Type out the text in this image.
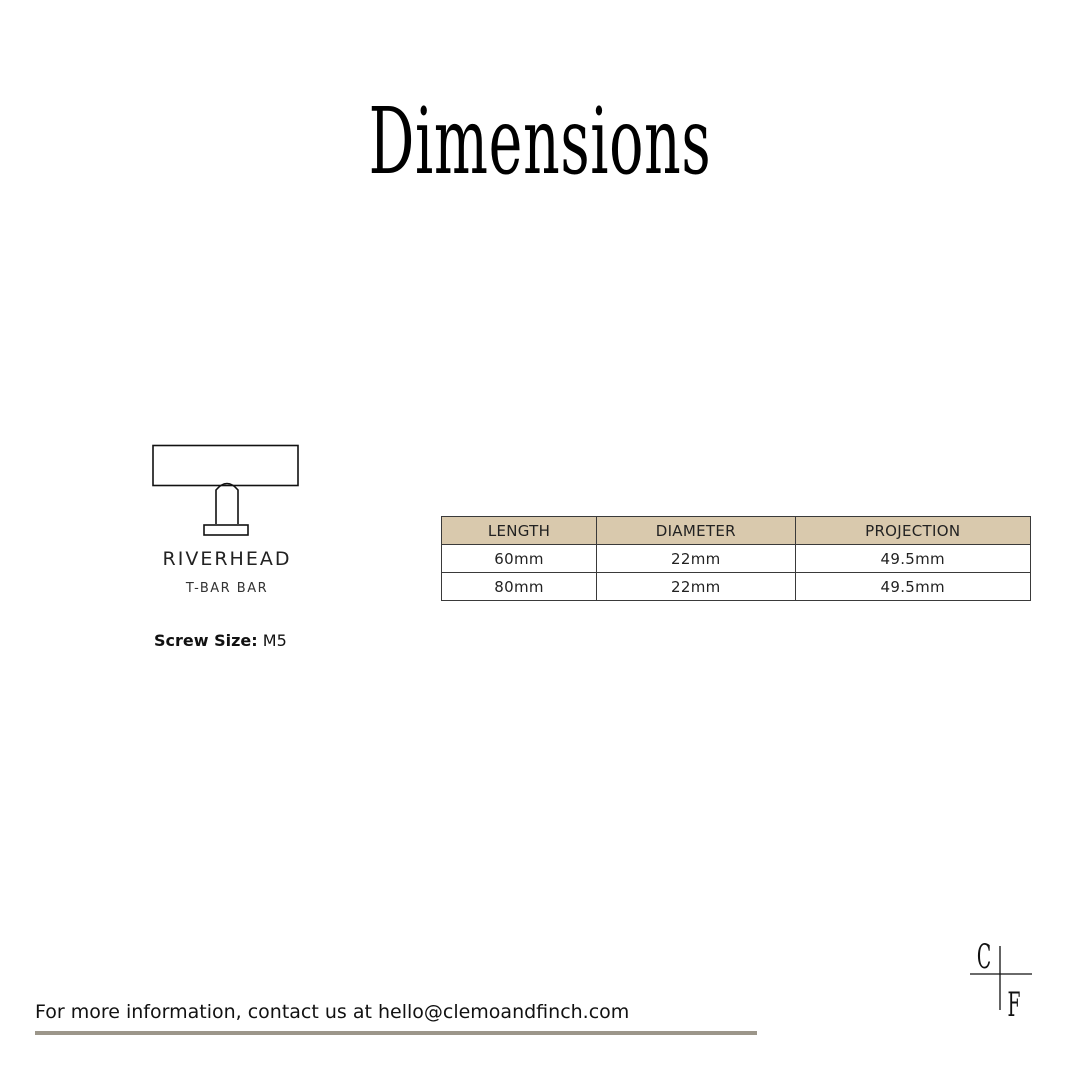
Dimensions
RIVERHEAD
T-BAR BAR
Screw Size: M5
LENGTH	DIAMETER	PROJECTION
60mm	22mm	49.5mm
80mm	22mm	49.5mm
For more information, contact us at hello@clemoandfinch.com
C
F
